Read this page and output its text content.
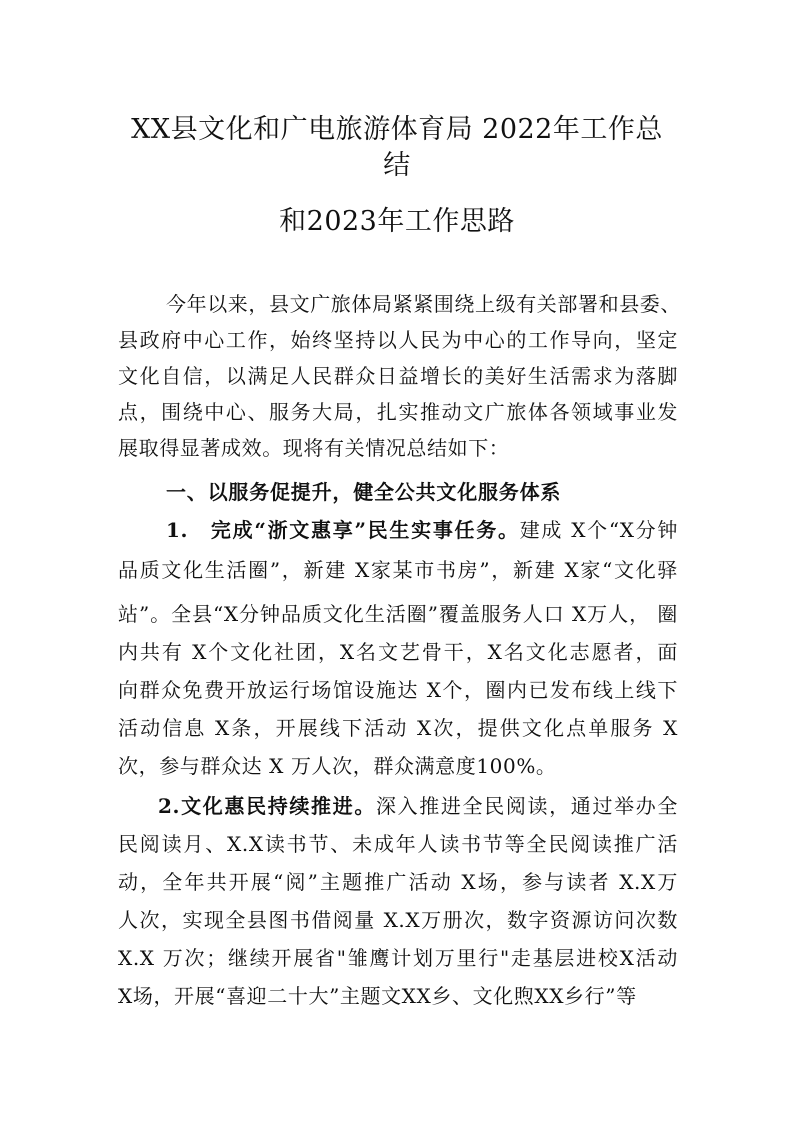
XX县文化和广电旅游体育局 2022年工作总
结
和2023年工作思路
今年以来，县文广旅体局紧紧围绕上级有关部署和县委、
县政府中心工作，始终坚持以人民为中心的工作导向，坚定
文化自信，以满足人民群众日益增长的美好生活需求为落脚
点，围绕中心、服务大局，扎实推动文广旅体各领域事业发
展取得显著成效。现将有关情况总结如下：
一、以服务促提升，健全公共文化服务体系
1.　完成“浙文惠享”民生实事任务。建成 X个“X分钟
品质文化生活圈”，新建 X家某市书房”，新建 X家“文化驿
站”。全县“X分钟品质文化生活圈”覆盖服务人口 X万人， 圈
内共有 X个文化社团，X名文艺骨干，X名文化志愿者，面
向群众免费开放运行场馆设施达 X个，圈内已发布线上线下
活动信息 X条，开展线下活动 X次，提供文化点单服务 X
次，参与群众达 X 万人次，群众满意度100%。
2.文化惠民持续推进。深入推进全民阅读，通过举办全
民阅读月、X.X读书节、未成年人读书节等全民阅读推广活
动，全年共开展“阅”主题推广活动 X场，参与读者 X.X万
人次，实现全县图书借阅量 X.X万册次，数字资源访问次数
X.X 万次；继续开展省"雏鹰计划万里行"走基层进校X活动
X场，开展“喜迎二十大”主题文XX乡、文化煦XX乡行”等
